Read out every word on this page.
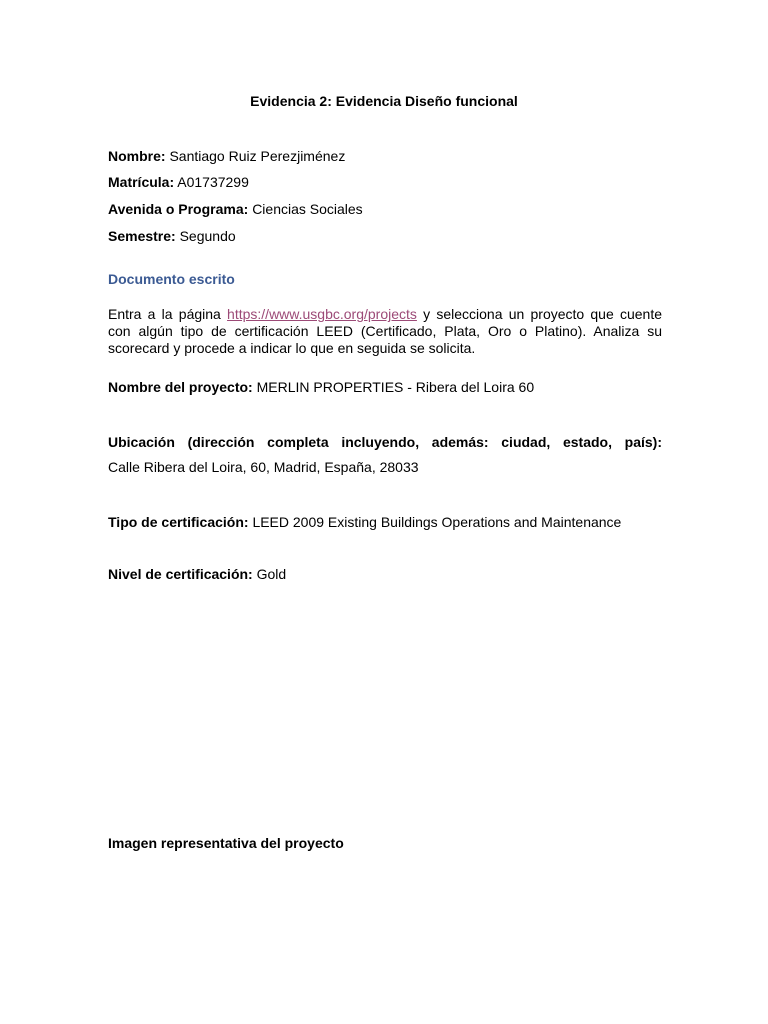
Evidencia 2: Evidencia Diseño funcional
Nombre: Santiago Ruiz Perezjiménez
Matrícula: A01737299
Avenida o Programa: Ciencias Sociales
Semestre: Segundo
Documento escrito
Entra a la página https://www.usgbc.org/projects y selecciona un proyecto que cuente con algún tipo de certificación LEED (Certificado, Plata, Oro o Platino). Analiza su scorecard y procede a indicar lo que en seguida se solicita.
Nombre del proyecto: MERLIN PROPERTIES - Ribera del Loira 60
Ubicación (dirección completa incluyendo, además: ciudad, estado, país):
Calle Ribera del Loira, 60, Madrid, España, 28033
Tipo de certificación: LEED 2009 Existing Buildings Operations and Maintenance
Nivel de certificación: Gold
Imagen representativa del proyecto
